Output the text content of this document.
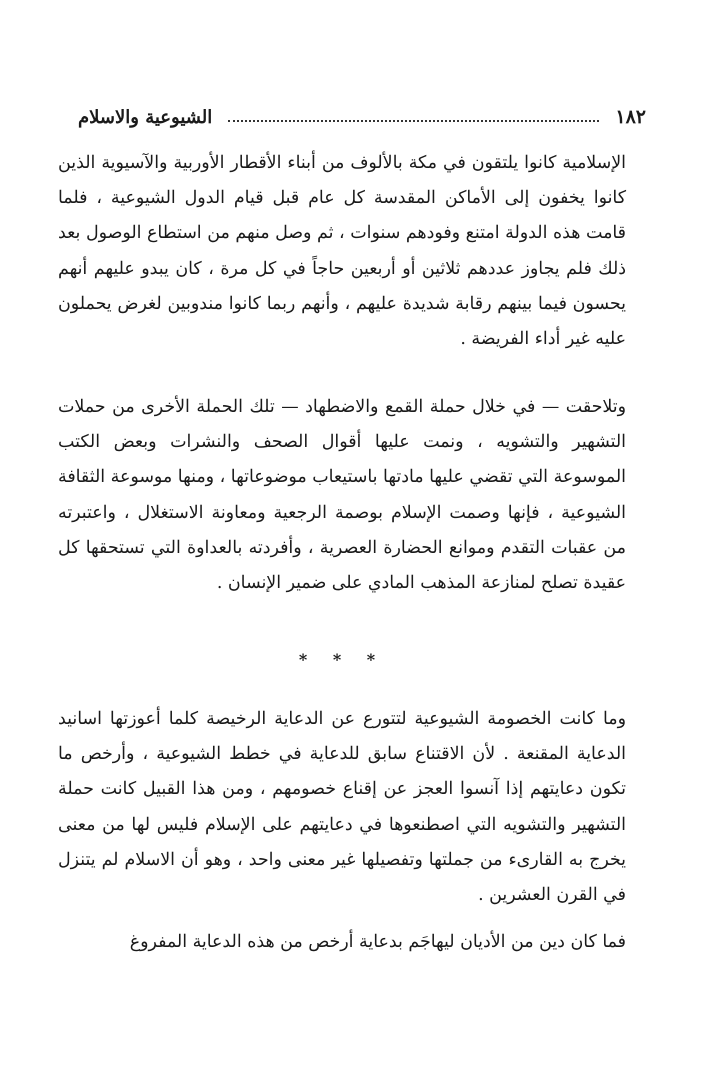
١٨٢
الشيوعية والاسلام

الإسلامية كانوا يلتقون في مكة بالألوف من أبناء الأقطار الأوربية والآسيوية الذين كانوا يخفون إلى الأماكن المقدسة كل عام قبل قيام الدول الشيوعية ، فلما قامت هذه الدولة امتنع وفودهم سنوات ، ثم وصل منهم من استطاع الوصول بعد ذلك فلم يجاوز عددهم ثلاثين أو أربعين حاجاً في كل مرة ، كان يبدو عليهم أنهم يحسون فيما بينهم رقابة شديدة عليهم ، وأنهم ربما كانوا مندوبين لغرض يحملون عليه غير أداء الفريضة .

وتلاحقت — في خلال حملة القمع والاضطهاد — تلك الحملة الأخرى من حملات التشهير والتشويه ، ونمت عليها أقوال الصحف والنشرات وبعض الكتب الموسوعة التي تقضي عليها مادتها باستيعاب موضوعاتها ، ومنها موسوعة الثقافة الشيوعية ، فإنها وصمت الإسلام بوصمة الرجعية ومعاونة الاستغلال ، واعتبرته من عقبات التقدم وموانع الحضارة العصرية ، وأفردته بالعداوة التي تستحقها كل عقيدة تصلح لمنازعة المذهب المادي على ضمير الإنسان .

* * *

وما كانت الخصومة الشيوعية لتتورع عن الدعاية الرخيصة كلما أعوزتها اسانيد الدعاية المقنعة . لأن الاقتناع سابق للدعاية في خطط الشيوعية ، وأرخص ما تكون دعايتهم إذا آنسوا العجز عن إقناع خصومهم ، ومن هذا القبيل كانت حملة التشهير والتشويه التي اصطنعوها في دعايتهم على الإسلام فليس لها من معنى يخرج به القارىء من جملتها وتفصيلها غير معنى واحد ، وهو أن الاسلام لم يتنزل في القرن العشرين .

فما كان دين من الأديان ليهاجَم بدعاية أرخص من هذه الدعاية المفروغ
